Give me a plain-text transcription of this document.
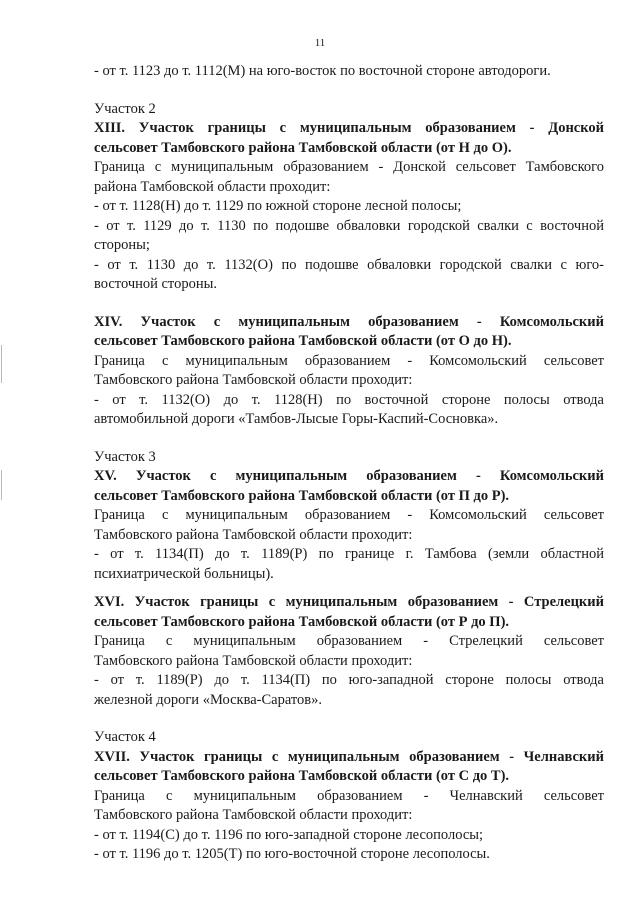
11
- от т. 1123 до т. 1112(М) на юго-восток по восточной стороне автодороги.
Участок 2
XIII. Участок границы с муниципальным образованием - Донской
сельсовет Тамбовского района Тамбовской области (от Н до О).
Граница с муниципальным образованием - Донской сельсовет Тамбовского
района Тамбовской области проходит:
- от т. 1128(Н) до т. 1129 по южной стороне лесной полосы;
- от т. 1129 до т. 1130 по подошве обваловки городской свалки с восточной
стороны;
- от т. 1130 до т. 1132(О) по подошве обваловки городской свалки с юго-
восточной стороны.
XIV. Участок с муниципальным образованием - Комсомольский
сельсовет Тамбовского района Тамбовской области (от О до Н).
Граница с муниципальным образованием - Комсомольский сельсовет
Тамбовского района Тамбовской области проходит:
- от т. 1132(О) до т. 1128(Н) по восточной стороне полосы отвода
автомобильной дороги «Тамбов-Лысые Горы-Каспий-Сосновка».
Участок 3
XV. Участок с муниципальным образованием - Комсомольский
сельсовет Тамбовского района Тамбовской области (от П до Р).
Граница с муниципальным образованием - Комсомольский сельсовет
Тамбовского района Тамбовской области проходит:
- от т. 1134(П) до т. 1189(Р) по границе г. Тамбова (земли областной
психиатрической больницы).
XVI. Участок границы с муниципальным образованием - Стрелецкий
сельсовет Тамбовского района Тамбовской области (от Р до П).
Граница с муниципальным образованием - Стрелецкий сельсовет
Тамбовского района Тамбовской области проходит:
- от т. 1189(Р) до т. 1134(П) по юго-западной стороне полосы отвода
железной дороги «Москва-Саратов».
Участок 4
XVII. Участок границы с муниципальным образованием - Челнавский
сельсовет Тамбовского района Тамбовской области (от С до Т).
Граница с муниципальным образованием - Челнавский сельсовет
Тамбовского района Тамбовской области проходит:
- от т. 1194(С) до т. 1196 по юго-западной стороне лесополосы;
- от т. 1196 до т. 1205(Т) по юго-восточной стороне лесополосы.
